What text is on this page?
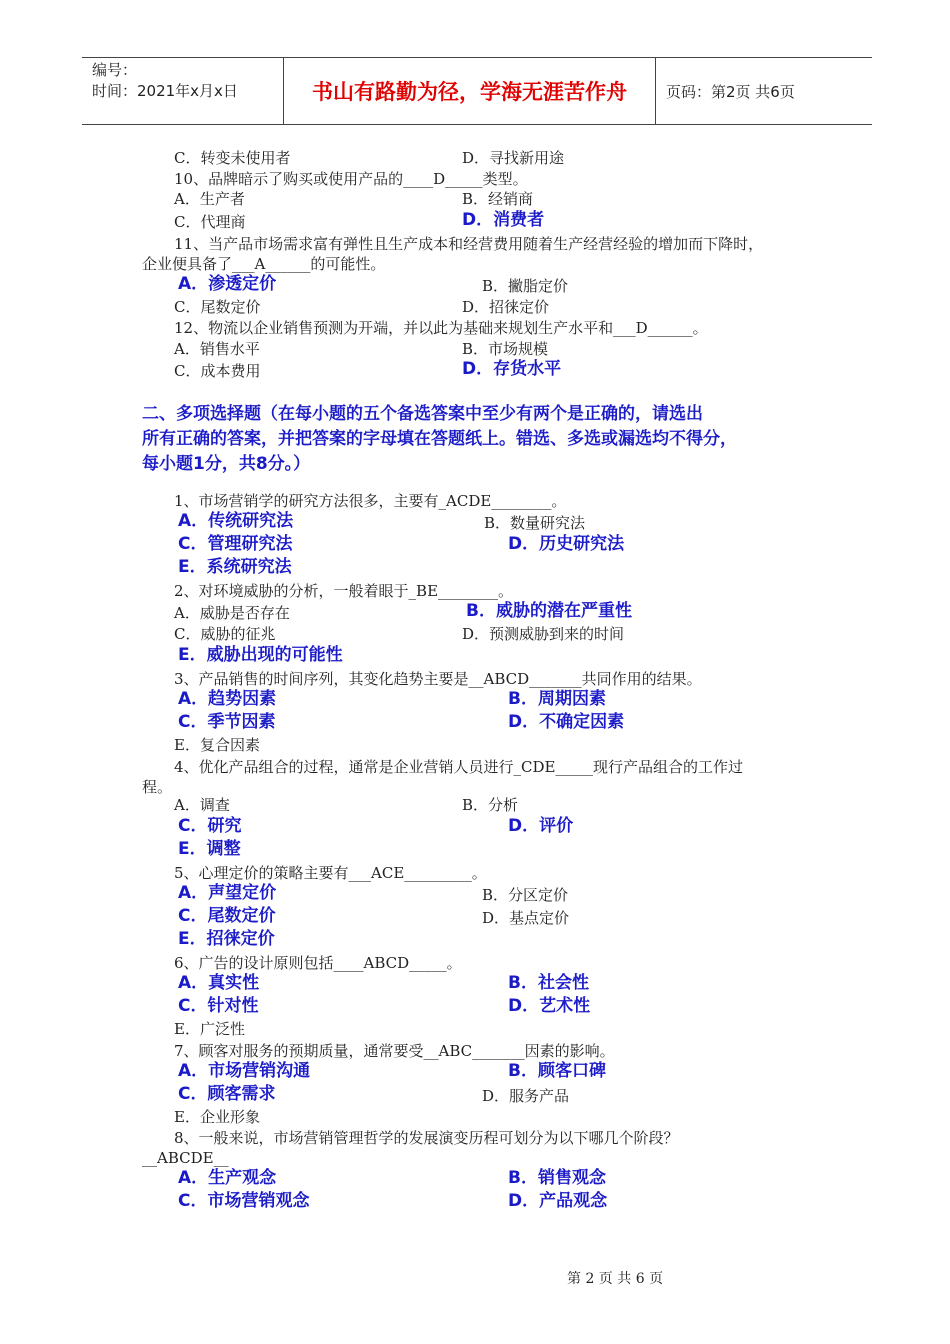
编号：
时间：2021年x月x日	书山有路勤为径，学海无涯苦作舟	页码：第2页 共6页
C．转变未使用者	D．寻找新用途
10、品牌暗示了购买或使用产品的____D_____类型。
A．生产者	B．经销商
C．代理商	D．消费者
11、当产品市场需求富有弹性且生产成本和经营费用随着生产经营经验的增加而下降时，
企业便具备了___A______的可能性。
A．渗透定价	B．撇脂定价
C．尾数定价	D．招徕定价
12、物流以企业销售预测为开端，并以此为基础来规划生产水平和___D______。
A．销售水平	B．市场规模
C．成本费用	D．存货水平
1、市场营销学的研究方法很多，主要有_ACDE________。
A．传统研究法	B．数量研究法
C．管理研究法	D．历史研究法
E．系统研究法
2、对环境威胁的分析，一般着眼于_BE________。
A．威胁是否存在	B．威胁的潜在严重性
C．威胁的征兆	D．预测威胁到来的时间
E．威胁出现的可能性
3、产品销售的时间序列，其变化趋势主要是__ABCD_______共同作用的结果。
A．趋势因素	B．周期因素
C．季节因素	D．不确定因素
E．复合因素
4、优化产品组合的过程，通常是企业营销人员进行_CDE_____现行产品组合的工作过
程。
A．调查	B．分析
C．研究	D．评价
E．调整
5、心理定价的策略主要有___ACE_________。
A．声望定价	B．分区定价
C．尾数定价	D．基点定价
E．招徕定价
6、广告的设计原则包括____ABCD_____。
A．真实性	B．社会性
C．针对性	D．艺术性
E．广泛性
7、顾客对服务的预期质量，通常要受__ABC_______因素的影响。
A．市场营销沟通	B．顾客口碑
C．顾客需求	D．服务产品
E．企业形象
8、一般来说，市场营销管理哲学的发展演变历程可划分为以下哪几个阶段？
__ABCDE__
A．生产观念	B．销售观念
C．市场营销观念	D．产品观念
二、多项选择题（在每小题的五个备选答案中至少有两个是正确的，请选出
所有正确的答案，并把答案的字母填在答题纸上。错选、多选或漏选均不得分，
每小题1分，共8分。）
第 2 页 共 6 页
